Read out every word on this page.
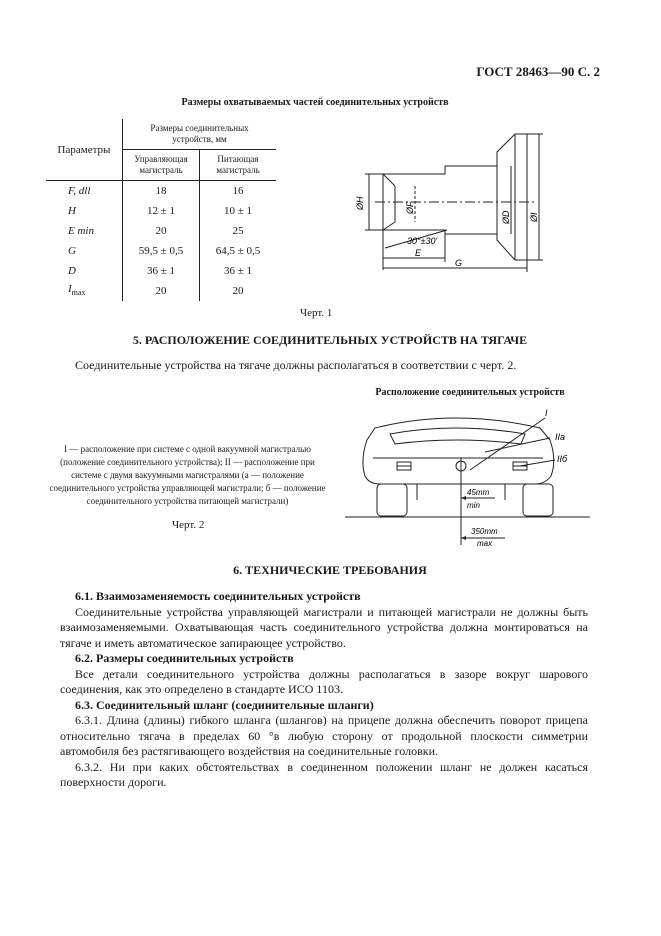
ГОСТ 28463—90 С. 2
Размеры охватываемых частей соединительных устройств
Параметры	Размеры соединительных устройств, мм	
	Управляющая магистраль	Питающая магистраль
F, dll	18	16
H	12 ± 1	10 ± 1
E min	20	25
G	59,5 ± 0,5	64,5 ± 0,5
D	36 ± 1	36 ± 1
$I_{max}$	20	20
ØH	ØF
ØD ØI
30°±30'
E
G
Черт. 1
5. РАСПОЛОЖЕНИЕ СОЕДИНИТЕЛЬНЫХ УСТРОЙСТВ НА ТЯГАЧЕ
Соединительные устройства на тягаче должны располагаться в соответствии с черт. 2.
Расположение соединительных устройств
I — расположение при системе с одной вакуумной магистралью (положение соединительного устройства); II — расположение при системе с двумя вакуумными магистралями (а — положение соединительного устройства управляющей магистрали; б — положение соединительного устройства питающей магистрали)
Черт. 2
I
IIa
IIб
45mm
min
350mm
max
6. ТЕХНИЧЕСКИЕ ТРЕБОВАНИЯ

6.1. Взаимозаменяемость соединительных устройств

Соединительные устройства управляющей магистрали и питающей магистрали не должны быть взаимозаменяемыми. Охватывающая часть соединительного устройства должна монтироваться на тягаче и иметь автоматическое запирающее устройство.

6.2. Размеры соединительных устройств

Все детали соединительного устройства должны располагаться в зазоре вокруг шарового соединения, как это определено в стандарте ИСО 1103.

6.3. Соединительный шланг (соединительные шланги)

6.3.1. Длина (длины) гибкого шланга (шлангов) на прицепе должна обеспечить поворот прицепа относительно тягача в пределах 60 °в любую сторону от продольной плоскости симметрии автомобиля без растягивающего воздействия на соединительные головки.

6.3.2. Ни при каких обстоятельствах в соединенном положении шланг не должен касаться поверхности дороги.
